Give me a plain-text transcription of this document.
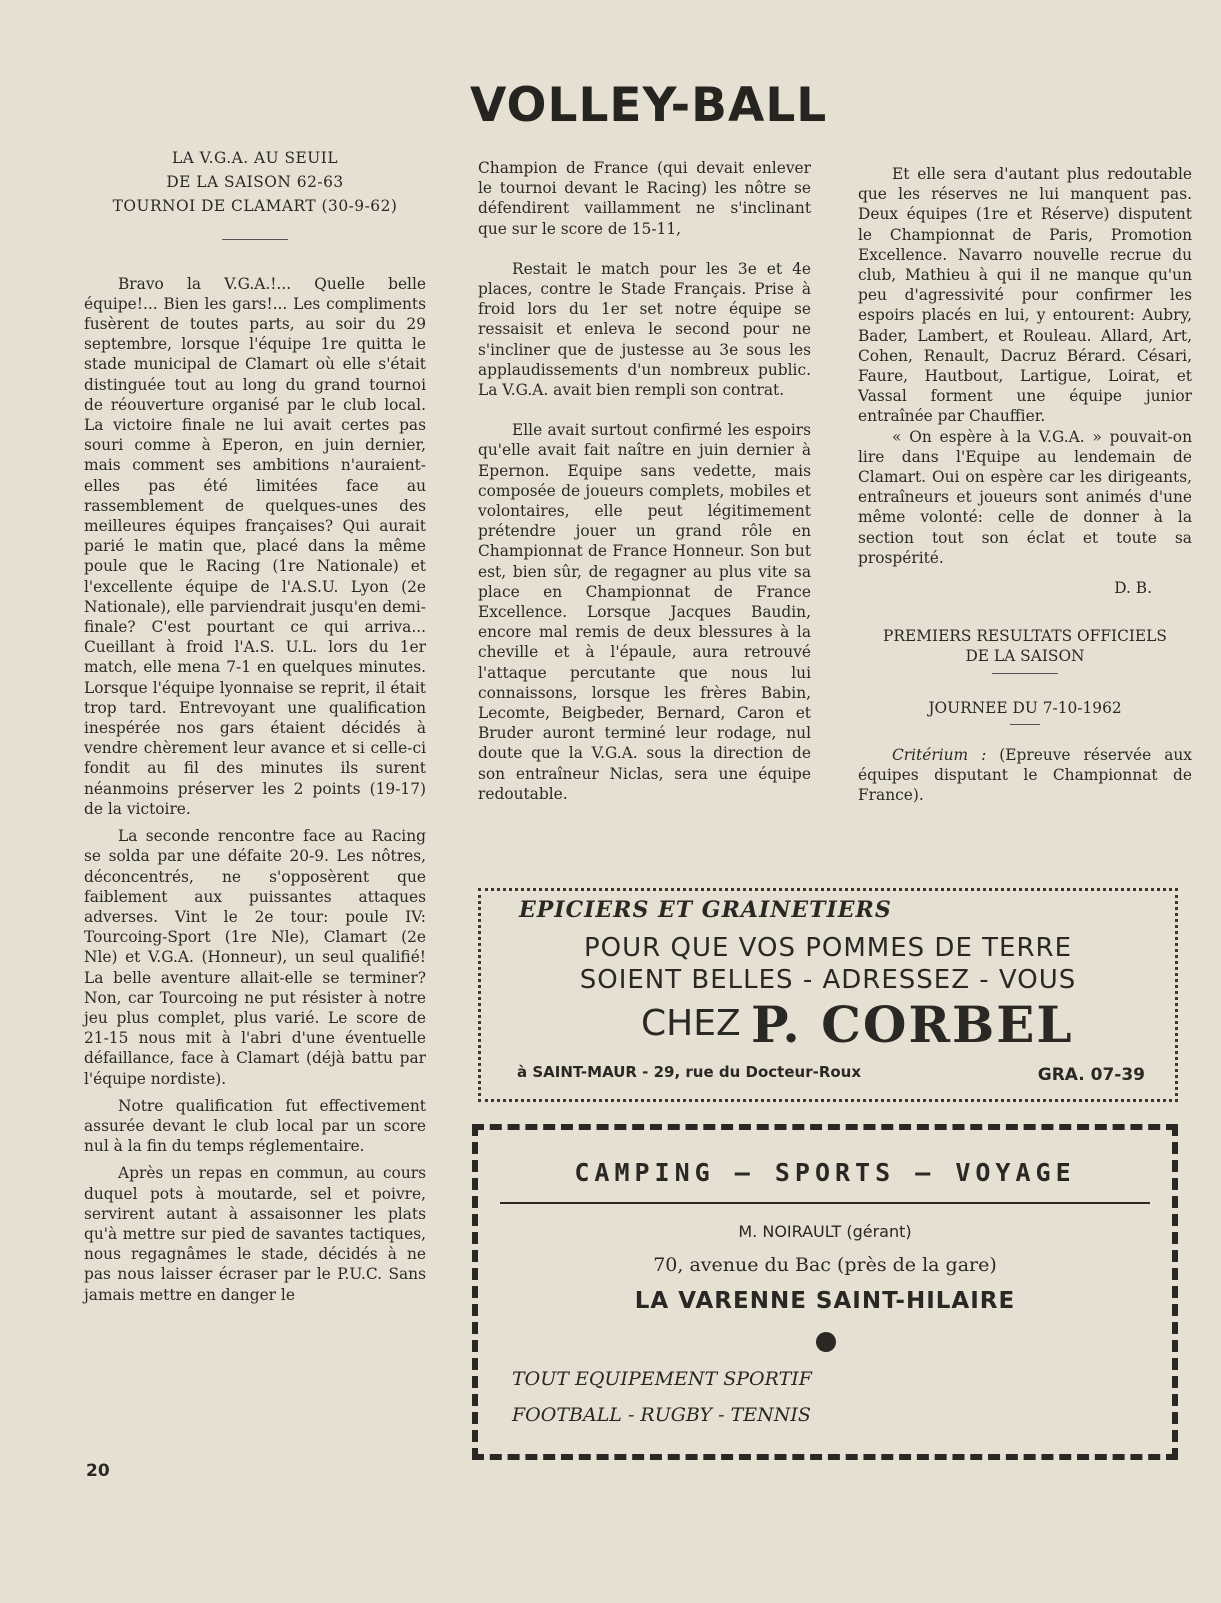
VOLLEY-BALL

LA V.G.A. AU SEUIL

DE LA SAISON 62-63

TOURNOI DE CLAMART (30-9-62)

Bravo la V.G.A.!... Quelle belle équipe!... Bien les gars!... Les compliments fusèrent de toutes parts, au soir du 29 septembre, lorsque l'équipe 1re quitta le stade municipal de Clamart où elle s'était distinguée tout au long du grand tournoi de réouverture organisé par le club local. La victoire finale ne lui avait certes pas souri comme à Eperon, en juin dernier, mais comment ses ambitions n'auraient-elles pas été limitées face au rassemblement de quelques-unes des meilleures équipes françaises? Qui aurait parié le matin que, placé dans la même poule que le Racing (1re Nationale) et l'excellente équipe de l'A.S.U. Lyon (2e Nationale), elle parviendrait jusqu'en demi-finale? C'est pourtant ce qui arriva... Cueillant à froid l'A.S. U.L. lors du 1er match, elle mena 7-1 en quelques minutes. Lorsque l'équipe lyonnaise se reprit, il était trop tard. Entrevoyant une qualification inespérée nos gars étaient décidés à vendre chèrement leur avance et si celle-ci fondit au fil des minutes ils surent néanmoins préserver les 2 points (19-17) de la victoire.

La seconde rencontre face au Racing se solda par une défaite 20-9. Les nôtres, déconcentrés, ne s'opposèrent que faiblement aux puissantes attaques adverses. Vint le 2e tour: poule IV: Tourcoing-Sport (1re Nle), Clamart (2e Nle) et V.G.A. (Honneur), un seul qualifié! La belle aventure allait-elle se terminer? Non, car Tourcoing ne put résister à notre jeu plus complet, plus varié. Le score de 21-15 nous mit à l'abri d'une éventuelle défaillance, face à Clamart (déjà battu par l'équipe nordiste).

Notre qualification fut effectivement assurée devant le club local par un score nul à la fin du temps réglementaire.

Après un repas en commun, au cours duquel pots à moutarde, sel et poivre, servirent autant à assaisonner les plats qu'à mettre sur pied de savantes tactiques, nous regagnâmes le stade, décidés à ne pas nous laisser écraser par le P.U.C. Sans jamais mettre en danger le

Champion de France (qui devait enlever le tournoi devant le Racing) les nôtre se défendirent vaillamment ne s'inclinant que sur le score de 15-11,

Restait le match pour les 3e et 4e places, contre le Stade Français. Prise à froid lors du 1er set notre équipe se ressaisit et enleva le second pour ne s'incliner que de justesse au 3e sous les applaudissements d'un nombreux public. La V.G.A. avait bien rempli son contrat.

Elle avait surtout confirmé les espoirs qu'elle avait fait naître en juin dernier à Epernon. Equipe sans vedette, mais composée de joueurs complets, mobiles et volontaires, elle peut légitimement prétendre jouer un grand rôle en Championnat de France Honneur. Son but est, bien sûr, de regagner au plus vite sa place en Championnat de France Excellence. Lorsque Jacques Baudin, encore mal remis de deux blessures à la cheville et à l'épaule, aura retrouvé l'attaque percutante que nous lui connaissons, lorsque les frères Babin, Lecomte, Beigbeder, Bernard, Caron et Bruder auront terminé leur rodage, nul doute que la V.G.A. sous la direction de son entraîneur Niclas, sera une équipe redoutable.

Et elle sera d'autant plus redoutable que les réserves ne lui manquent pas. Deux équipes (1re et Réserve) disputent le Championnat de Paris, Promotion Excellence. Navarro nouvelle recrue du club, Mathieu à qui il ne manque qu'un peu d'agressivité pour confirmer les espoirs placés en lui, y entourent: Aubry, Bader, Lambert, et Rouleau. Allard, Art, Cohen, Renault, Dacruz Bérard. Césari, Faure, Hautbout, Lartigue, Loirat, et Vassal forment une équipe junior entraînée par Chauffier.

« On espère à la V.G.A. » pouvait-on lire dans l'Equipe au lendemain de Clamart. Oui on espère car les dirigeants, entraîneurs et joueurs sont animés d'une même volonté: celle de donner à la section tout son éclat et toute sa prospérité.

D. B.

PREMIERS RESULTATS OFFICIELS

DE LA SAISON

JOURNEE DU 7-10-1962

Critérium : (Epreuve réservée aux équipes disputant le Championnat de France).

EPICIERS ET GRAINETIERS
POUR QUE VOS POMMES DE TERRE
SOIENT BELLES - ADRESSEZ - VOUS
CHEZ P. CORBEL
à SAINT-MAUR - 29, rue du Docteur-Roux	GRA. 07-39
CAMPING — SPORTS — VOYAGE
M. NOIRAULT (gérant)
70, avenue du Bac (près de la gare)
LA VARENNE SAINT-HILAIRE
TOUT EQUIPEMENT SPORTIF
FOOTBALL - RUGBY - TENNIS
20
